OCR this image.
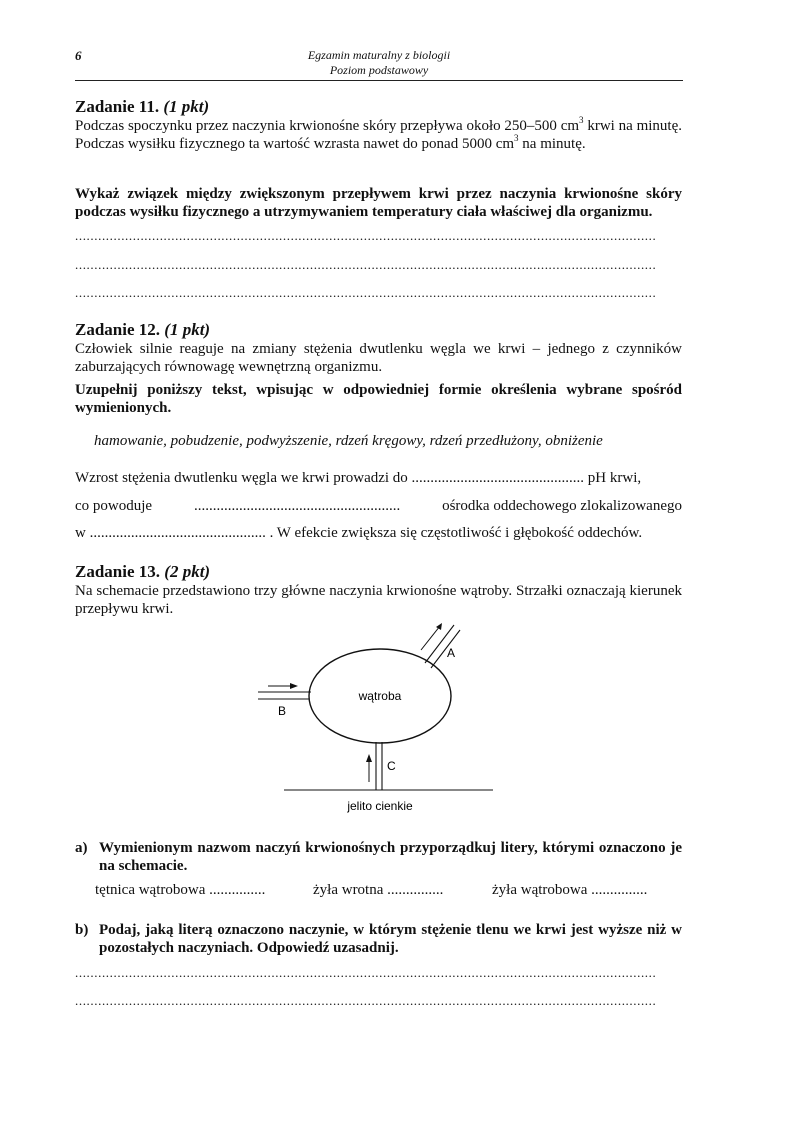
6	Egzamin maturalny z biologii
Poziom podstawowy
Zadanie 11. (1 pkt)

Podczas spoczynku przez naczynia krwionośne skóry przepływa około 250–500 $cm^3$ krwi na minutę. Podczas wysiłku fizycznego ta wartość wzrasta nawet do ponad 5000 $cm^3$ na minutę.

Wykaż związek między zwiększonym przepływem krwi przez naczynia krwionośne skóry podczas wysiłku fizycznego a utrzymywaniem temperatury ciała właściwej dla organizmu.

.......................................................................................................................................................
.......................................................................................................................................................
.......................................................................................................................................................
Zadanie 12. (1 pkt)

Człowiek silnie reaguje na zmiany stężenia dwutlenku węgla we krwi – jednego z czynników zaburzających równowagę wewnętrzną organizmu.

Uzupełnij poniższy tekst, wpisując w odpowiedniej formie określenia wybrane spośród wymienionych.

hamowanie, pobudzenie, podwyższenie, rdzeń kręgowy, rdzeń przedłużony, obniżenie

Wzrost stężenia dwutlenku węgla we krwi prowadzi do .............................................. pH krwi,

co powoduje	.......................................................	ośrodka oddechowego zlokalizowanego

w ............................................... . W efekcie zwiększa się częstotliwość i głębokość oddechów.

Zadanie 13. (2 pkt)

Na schemacie przedstawiono trzy główne naczynia krwionośne wątroby. Strzałki oznaczają kierunek przepływu krwi.

wątroba
B
A
C
jelito cienkie
a) Wymienionym nazwom naczyń krwionośnych przyporządkuj litery, którymi oznaczono je na schemacie.
tętnica wątrobowa ...............	żyła wrotna ...............	żyła wątrobowa ...............
b) Podaj, jaką literą oznaczono naczynie, w którym stężenie tlenu we krwi jest wyższe niż w pozostałych naczyniach. Odpowiedź uzasadnij.
.......................................................................................................................................................
.......................................................................................................................................................
